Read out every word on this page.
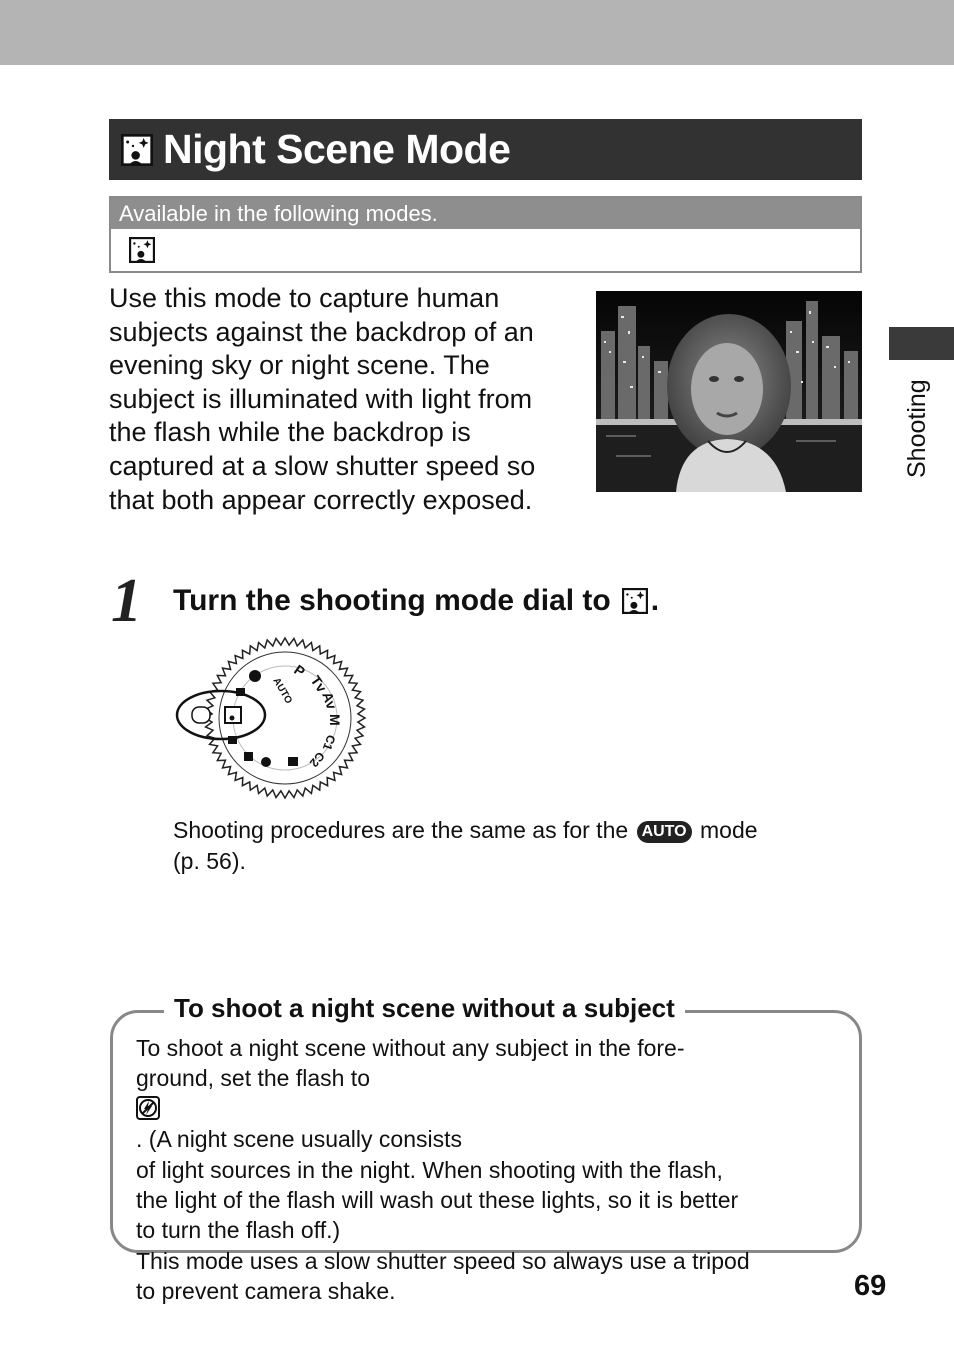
Night Scene Mode
Available in the following modes.
Use this mode to capture human
subjects against the backdrop of an
evening sky or night scene. The
subject is illuminated with light from
the flash while the backdrop is
captured at a slow shutter speed so
that both appear correctly exposed.
Shooting
1 Turn the shooting mode dial to .
AUTO
P
Tv
Av
M
C1
C2
Shooting procedures are the same as for the AUTO mode
(p. 56).
To shoot a night scene without a subject
To shoot a night scene without any subject in the fore-
ground, set the flash to
. (A night scene usually consists
of light sources in the night. When shooting with the flash,
the light of the flash will wash out these lights, so it is better
to turn the flash off.)
This mode uses a slow shutter speed so always use a tripod
to prevent camera shake.	69
